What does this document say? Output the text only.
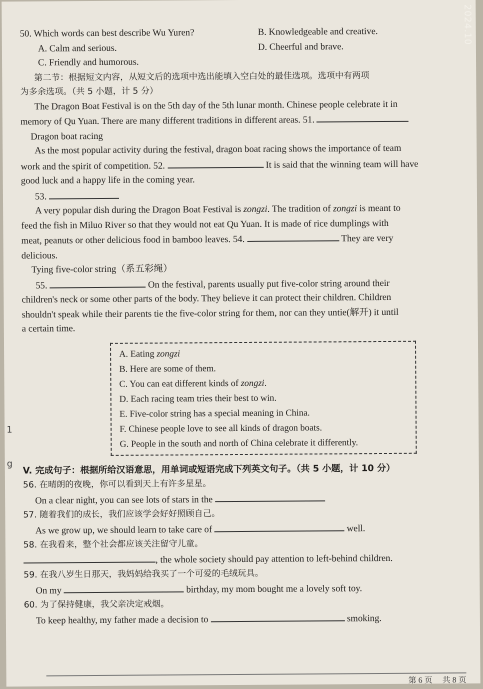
2024.10
1
g
50. Which words can best describe Wu Yuren?	B. Knowledgeable and creative.
A. Calm and serious.	D. Cheerful and brave.
C. Friendly and humorous.
第二节：根据短文内容，从短文后的选项中选出能填入空白处的最佳选项。选项中有两项
为多余选项。（共 5 小题，计 5 分）

The Dragon Boat Festival is on the 5th day of the 5th lunar month. Chinese people celebrate it in

memory of Qu Yuan. There are many different traditions in different areas. 51.

Dragon boat racing

As the most popular activity during the festival, dragon boat racing shows the importance of team

work and the spirit of competition. 52.	It is said that the winning team will have

good luck and a happy life in the coming year.

53.

A very popular dish during the Dragon Boat Festival is zongzi. The tradition of zongzi is meant to

feed the fish in Miluo River so that they would not eat Qu Yuan. It is made of rice dumplings with

meat, peanuts or other delicious food in bamboo leaves. 54.	They are very

delicious.

Tying five-color string（系五彩绳）

55.	On the festival, parents usually put five-color string around their

children's neck or some other parts of the body. They believe it can protect their children. Children

shouldn't speak while their parents tie the five-color string for them, nor can they untie(解开) it until

a certain time.

A. Eating zongzi
B. Here are some of them.
C. You can eat different kinds of zongzi.
D. Each racing team tries their best to win.
E. Five-color string has a special meaning in China.
F. Chinese people love to see all kinds of dragon boats.
G. People in the south and north of China celebrate it differently.
V. 完成句子：根据所给汉语意思，用单词或短语完成下列英文句子。（共 5 小题，计 10 分）
56. 在晴朗的夜晚，你可以看到天上有许多星星。
On a clear night, you can see lots of stars in the
57. 随着我们的成长，我们应该学会好好照顾自己。
As we grow up, we should learn to take care of	well.
58. 在我看来，整个社会都应该关注留守儿童。
, the whole society should pay attention to left-behind children.
59. 在我八岁生日那天，我妈妈给我买了一个可爱的毛绒玩具。
On my	birthday, my mom bought me a lovely soft toy.
60. 为了保持健康，我父亲决定戒烟。
To keep healthy, my father made a decision to	smoking.
第 6 页 共 8 页
